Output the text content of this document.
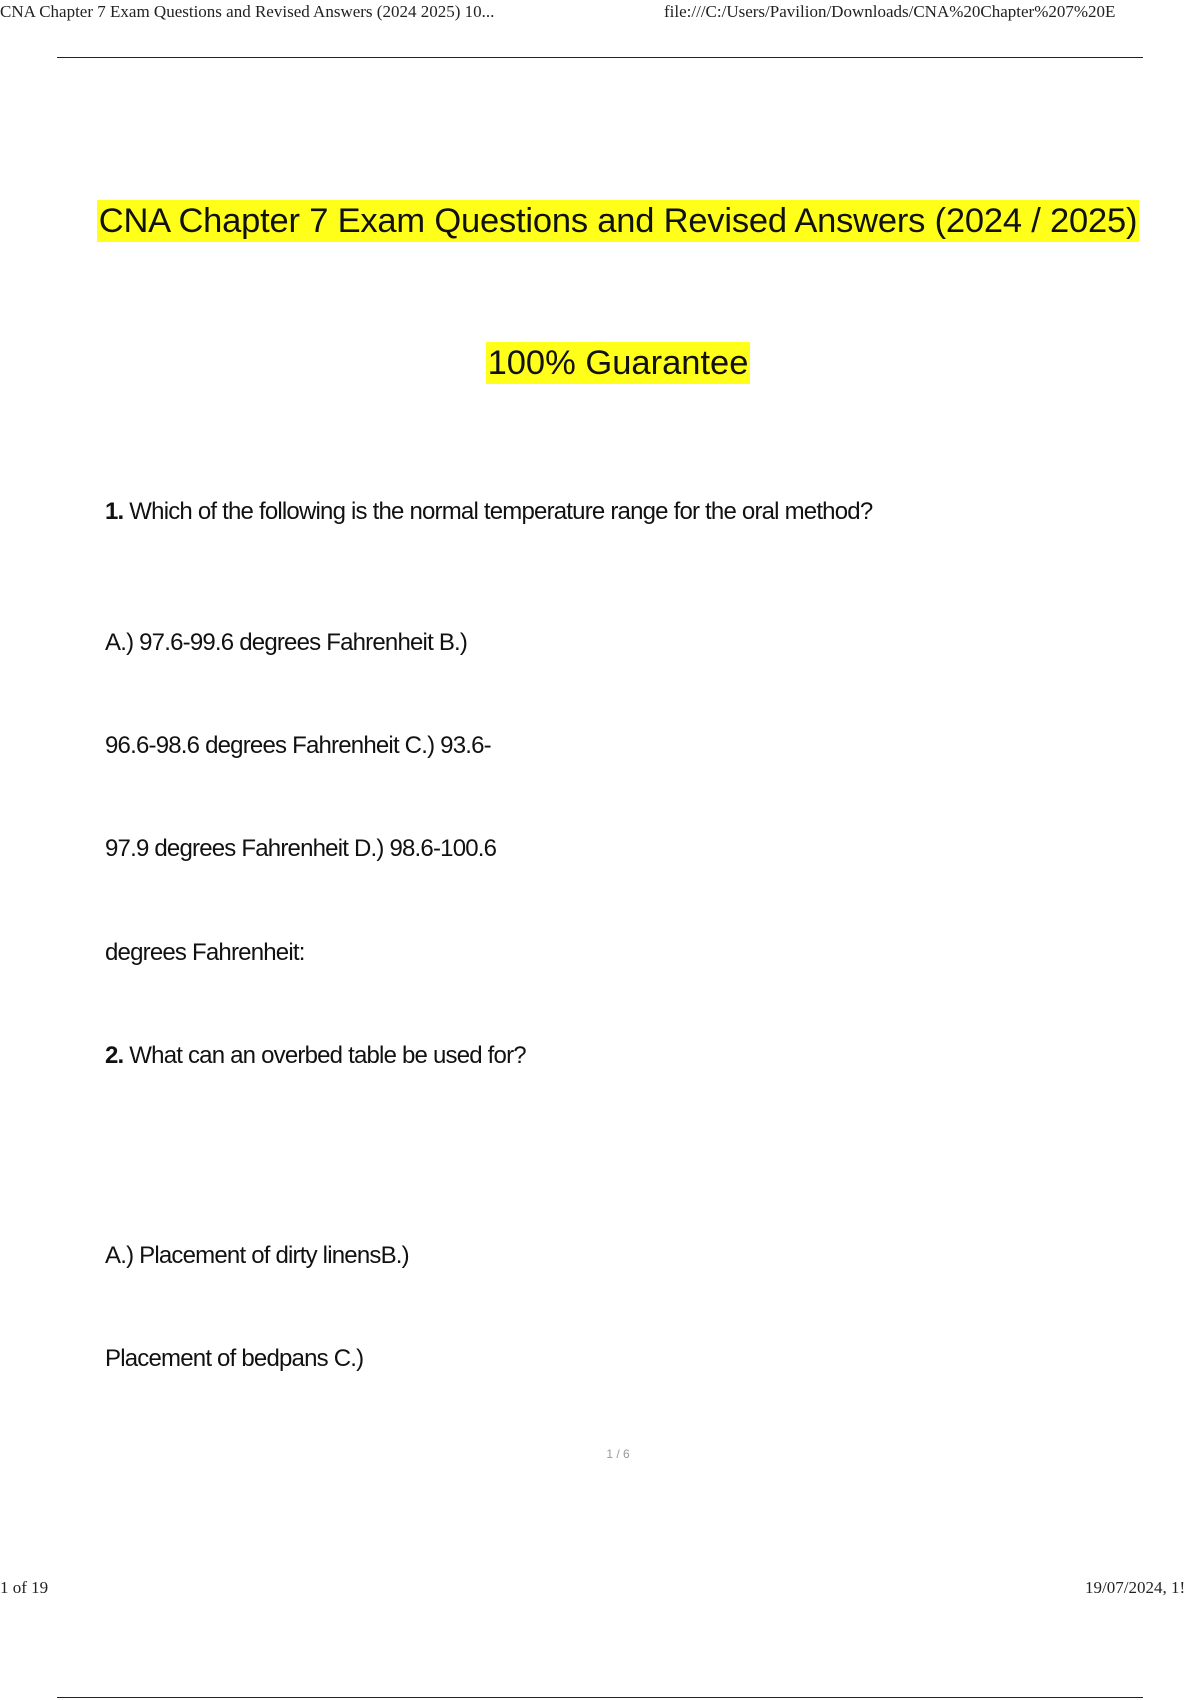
CNA Chapter 7 Exam Questions and Revised Answers (2024 2025) 10...	file:///C:/Users/Pavilion/Downloads/CNA%20Chapter%207%20E
CNA Chapter 7 Exam Questions and Revised Answers (2024 / 2025)
100% Guarantee
1. Which of the following is the normal temperature range for the oral method?
A.) 97.6-99.6 degrees Fahrenheit B.)
96.6-98.6 degrees Fahrenheit C.) 93.6-
97.9 degrees Fahrenheit D.) 98.6-100.6
degrees Fahrenheit:
2. What can an overbed table be used for?
A.) Placement of dirty linensB.)
Placement of bedpans C.)
1 / 6
1 of 19	19/07/2024, 1!
